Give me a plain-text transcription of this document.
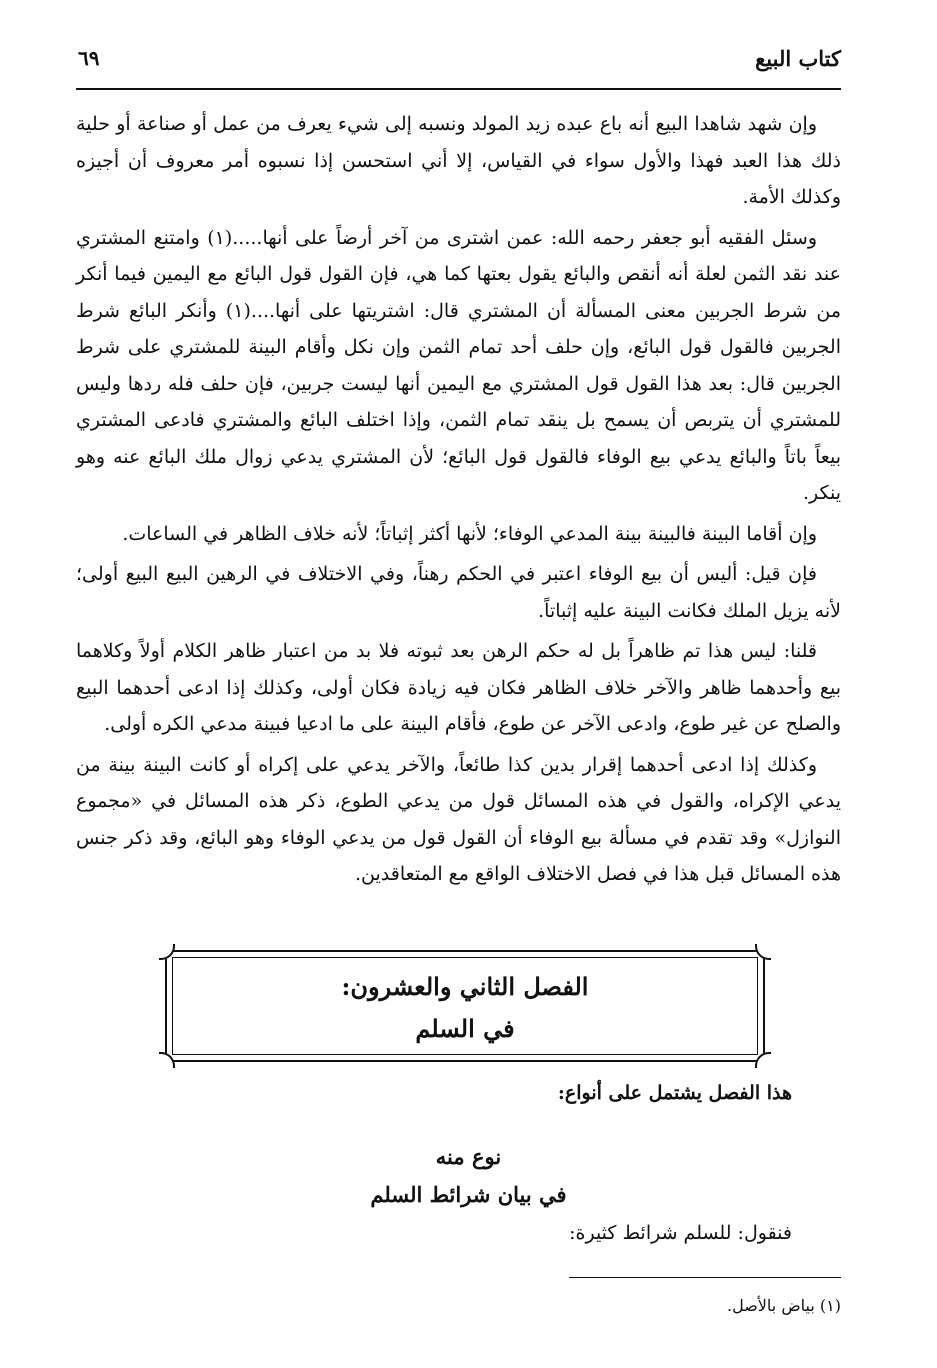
كتاب البيع
٦٩

وإن شهد شاهدا البيع أنه باع عبده زيد المولد ونسبه إلى شيء يعرف من عمل أو صناعة أو حلية ذلك هذا العبد فهذا والأول سواء في القياس، إلا أني استحسن إذا نسبوه أمر معروف أن أجيزه وكذلك الأمة.

وسئل الفقيه أبو جعفر رحمه الله: عمن اشترى من آخر أرضاً على أنها.....(١) وامتنع المشتري عند نقد الثمن لعلة أنه أنقص والبائع يقول بعتها كما هي، فإن القول قول البائع مع اليمين فيما أنكر من شرط الجربين معنى المسألة أن المشتري قال: اشتريتها على أنها....(١) وأنكر البائع شرط الجربين فالقول قول البائع، وإن حلف أحد تمام الثمن وإن نكل وأقام البينة للمشتري على شرط الجربين قال: بعد هذا القول قول المشتري مع اليمين أنها ليست جربين، فإن حلف فله ردها وليس للمشتري أن يتربص أن يسمح بل ينقد تمام الثمن، وإذا اختلف البائع والمشتري فادعى المشتري بيعاً باتاً والبائع يدعي بيع الوفاء فالقول قول البائع؛ لأن المشتري يدعي زوال ملك البائع عنه وهو ينكر.

وإن أقاما البينة فالبينة بينة المدعي الوفاء؛ لأنها أكثر إثباتاً؛ لأنه خلاف الظاهر في الساعات.

فإن قيل: أليس أن بيع الوفاء اعتبر في الحكم رهناً، وفي الاختلاف في الرهين البيع البيع أولى؛ لأنه يزيل الملك فكانت البينة عليه إثباتاً.

قلنا: ليس هذا تم ظاهراً بل له حكم الرهن بعد ثبوته فلا بد من اعتبار ظاهر الكلام أولاً وكلاهما بيع وأحدهما ظاهر والآخر خلاف الظاهر فكان فيه زيادة فكان أولى، وكذلك إذا ادعى أحدهما البيع والصلح عن غير طوع، وادعى الآخر عن طوع، فأقام البينة على ما ادعيا فبينة مدعي الكره أولى.

وكذلك إذا ادعى أحدهما إقرار بدين كذا طائعاً، والآخر يدعي على إكراه أو كانت البينة بينة من يدعي الإكراه، والقول في هذه المسائل قول من يدعي الطوع، ذكر هذه المسائل في «مجموع النوازل» وقد تقدم في مسألة بيع الوفاء أن القول قول من يدعي الوفاء وهو البائع، وقد ذكر جنس هذه المسائل قبل هذا في فصل الاختلاف الواقع مع المتعاقدين.

الفصل الثاني والعشرون:
في السلم
هذا الفصل يشتمل على أنواع:
نوع منه
في بيان شرائط السلم
فنقول: للسلم شرائط كثيرة:
(١) بياض بالأصل.
